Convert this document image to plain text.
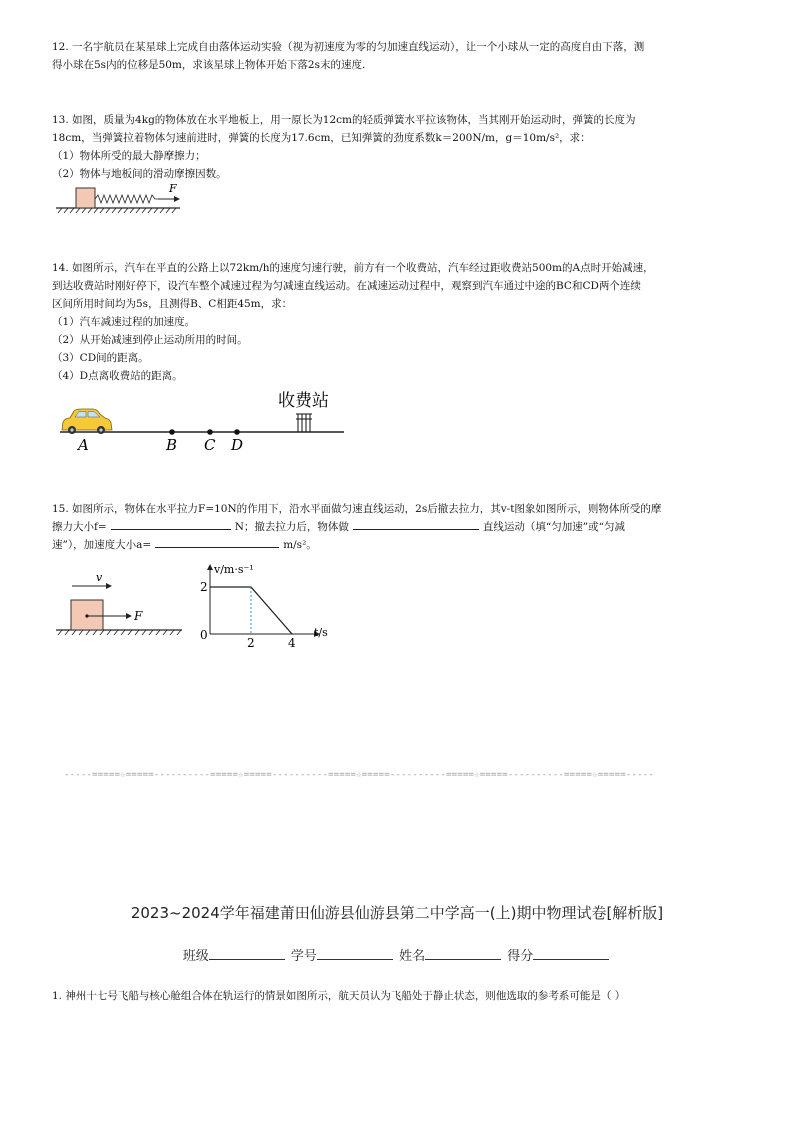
12. 一名宇航员在某星球上完成自由落体运动实验（视为初速度为零的匀加速直线运动），让一个小球从一定的高度自由下落，测

得小球在5s内的位移是50m，求该星球上物体开始下落2s末的速度.

13. 如图，质量为4kg的物体放在水平地板上，用一原长为12cm的轻质弹簧水平拉该物体，当其刚开始运动时，弹簧的长度为

18cm，当弹簧拉着物体匀速前进时，弹簧的长度为17.6cm，已知弹簧的劲度系数k＝200N/m，g＝10m/s²，求：

（1）物体所受的最大静摩擦力；

（2）物体与地板间的滑动摩擦因数。

F

14. 如图所示，汽车在平直的公路上以72km/h的速度匀速行驶，前方有一个收费站，汽车经过距收费站500m的A点时开始减速，

到达收费站时刚好停下，设汽车整个减速过程为匀减速直线运动。在减速运动过程中，观察到汽车通过中途的BC和CD两个连续

区间所用时间均为5s，且测得B、C相距45m，求：

（1）汽车减速过程的加速度。

（2）从开始减速到停止运动所用的时间。

（3）CD间的距离。

（4）D点离收费站的距离。

收费站
A	B C D

15. 如图所示，物体在水平拉力F=10N的作用下，沿水平面做匀速直线运动，2s后撤去拉力，其v-t图象如图所示，则物体所受的摩

擦力大小f=	N；撤去拉力后，物体做	直线运动（填“匀加速”或“匀减

速”），加速度大小a=	m/s²。

v
F
v/m·s⁻¹
t/s
2
0
2	4
-----=====☆=====----------=====☆=====----------=====☆=====----------=====☆=====----------=====☆=====-----
2023~2024学年福建莆田仙游县仙游县第二中学高一(上)期中物理试卷[解析版]
班级	学号	姓名	得分

1. 神州十七号飞船与核心舱组合体在轨运行的情景如图所示，航天员认为飞船处于静止状态，则他选取的参考系可能是（ ）
